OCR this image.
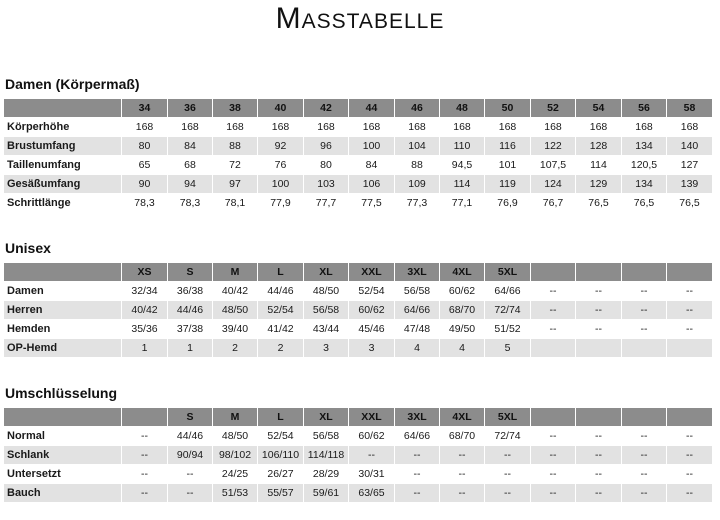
Masstabelle
Damen (Körpermaß)
	34	36	38	40	42	44	46	48	50	52	54	56	58
Körperhöhe	168	168	168	168	168	168	168	168	168	168	168	168	168
Brustumfang	80	84	88	92	96	100	104	110	116	122	128	134	140
Taillenumfang	65	68	72	76	80	84	88	94,5	101	107,5	114	120,5	127
Gesäßumfang	90	94	97	100	103	106	109	114	119	124	129	134	139
Schrittlänge	78,3	78,3	78,1	77,9	77,7	77,5	77,3	77,1	76,9	76,7	76,5	76,5	76,5
Unisex
	XS	S	M	L	XL	XXL	3XL	4XL	5XL				
Damen	32/34	36/38	40/42	44/46	48/50	52/54	56/58	60/62	64/66	--	--	--	--
Herren	40/42	44/46	48/50	52/54	56/58	60/62	64/66	68/70	72/74	--	--	--	--
Hemden	35/36	37/38	39/40	41/42	43/44	45/46	47/48	49/50	51/52	--	--	--	--
OP-Hemd	1	1	2	2	3	3	4	4	5				
Umschlüsselung
		S	M	L	XL	XXL	3XL	4XL	5XL				
Normal	--	44/46	48/50	52/54	56/58	60/62	64/66	68/70	72/74	--	--	--	--
Schlank	--	90/94	98/102	106/110	114/118	--	--	--	--	--	--	--	--
Untersetzt	--	--	24/25	26/27	28/29	30/31	--	--	--	--	--	--	--
Bauch	--	--	51/53	55/57	59/61	63/65	--	--	--	--	--	--	--
